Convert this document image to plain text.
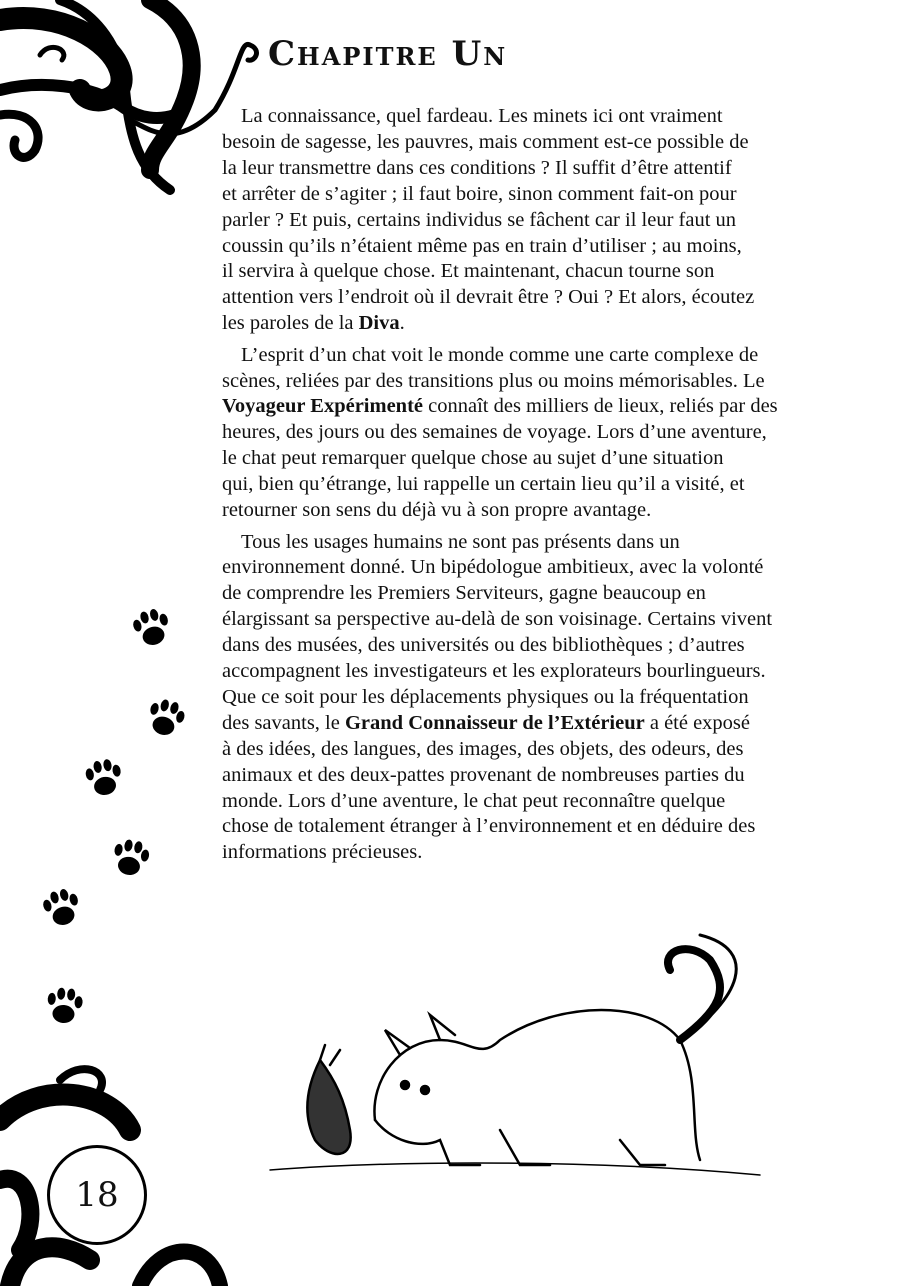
Chapitre Un
La connaissance, quel fardeau. Les minets ici ont vraiment
besoin de sagesse, les pauvres, mais comment est-ce possible de
la leur transmettre dans ces conditions ? Il suffit d’être attentif
et arrêter de s’agiter ; il faut boire, sinon comment fait-on pour
parler ? Et puis, certains individus se fâchent car il leur faut un
coussin qu’ils n’étaient même pas en train d’utiliser ; au moins,
il servira à quelque chose. Et maintenant, chacun tourne son
attention vers l’endroit où il devrait être ? Oui ? Et alors, écoutez
les paroles de la Diva.
L’esprit d’un chat voit le monde comme une carte complexe de
scènes, reliées par des transitions plus ou moins mémorisables. Le
Voyageur Expérimenté connaît des milliers de lieux, reliés par des
heures, des jours ou des semaines de voyage. Lors d’une aventure,
le chat peut remarquer quelque chose au sujet d’une situation
qui, bien qu’étrange, lui rappelle un certain lieu qu’il a visité, et
retourner son sens du déjà vu à son propre avantage.
Tous les usages humains ne sont pas présents dans un
environnement donné. Un bipédologue ambitieux, avec la volonté
de comprendre les Premiers Serviteurs, gagne beaucoup en
élargissant sa perspective au-delà de son voisinage. Certains vivent
dans des musées, des universités ou des bibliothèques ; d’autres
accompagnent les investigateurs et les explorateurs bourlingueurs.
Que ce soit pour les déplacements physiques ou la fréquentation
des savants, le Grand Connaisseur de l’Extérieur a été exposé
à des idées, des langues, des images, des objets, des odeurs, des
animaux et des deux-pattes provenant de nombreuses parties du
monde. Lors d’une aventure, le chat peut reconnaître quelque
chose de totalement étranger à l’environnement et en déduire des
informations précieuses.
18
